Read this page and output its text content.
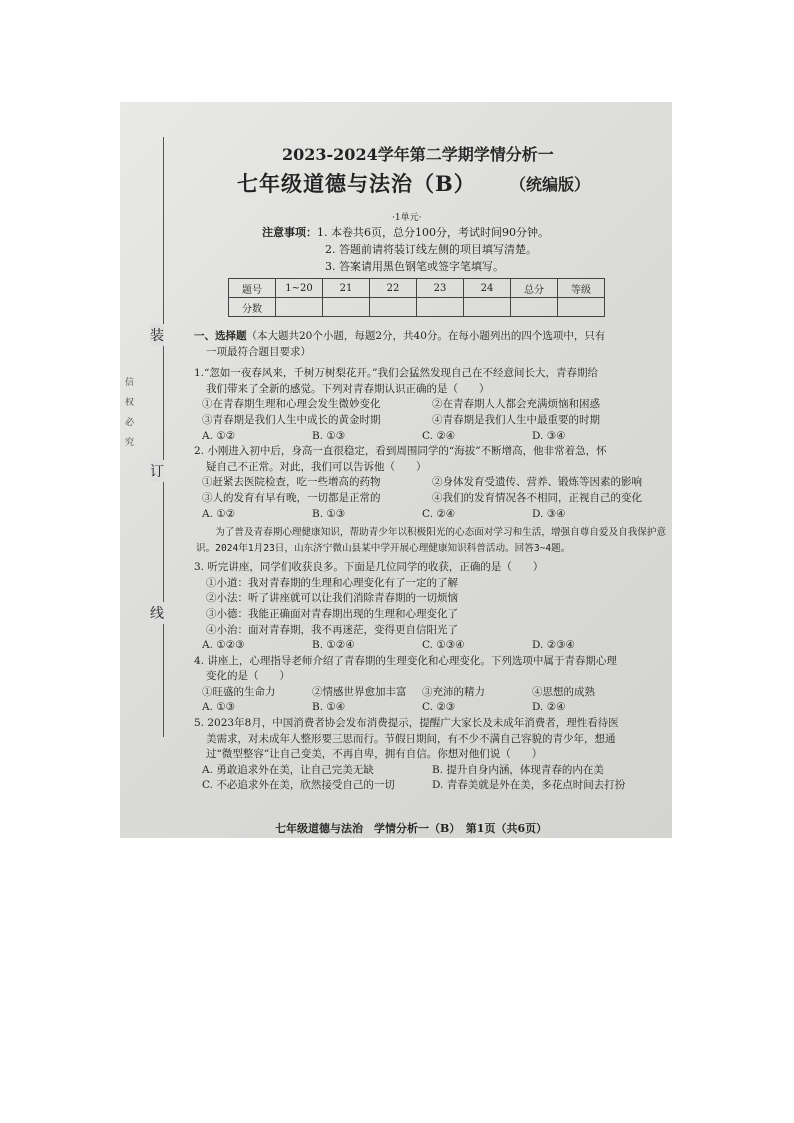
装
订
线
信　权　必　究
2023-2024学年第二学期学情分析一
七年级道德与法治（B） （统编版）
·1单元·
注意事项：1. 本卷共6页，总分100分，考试时间90分钟。
2. 答题前请将装订线左侧的项目填写清楚。
3. 答案请用黑色钢笔或签字笔填写。
题号	1~20	21	22	23	24	总分	等级
分数							

一、选择题（本大题共20个小题，每题2分，共40分。在每小题列出的四个选项中，只有

一项最符合题目要求）

1.“忽如一夜春风来，千树万树梨花开。”我们会猛然发现自己在不经意间长大，青春期给

我们带来了全新的感觉。下列对青春期认识正确的是（　　）

①在青春期生理和心理会发生微妙变化	②在青春期人人都会充满烦恼和困惑
③青春期是我们人生中成长的黄金时期	④青春期是我们人生中最重要的时期
A. ①②	B. ①③	C. ②④	D. ③④

2. 小刚进入初中后，身高一直很稳定，看到周围同学的“海拔”不断增高，他非常着急，怀

疑自己不正常。对此，我们可以告诉他（　　）

①赶紧去医院检查，吃一些增高的药物	②身体发育受遗传、营养、锻炼等因素的影响
③人的发育有早有晚，一切都是正常的	④我们的发育情况各不相同，正视自己的变化
A. ①②	B. ①③	C. ②④	D. ③④

为了普及青春期心理健康知识，帮助青少年以积极阳光的心态面对学习和生活，增强自尊自爱及自我保护意识。2024年1月23日，山东济宁微山县某中学开展心理健康知识科普活动。回答3~4题。

3. 听完讲座，同学们收获良多。下面是几位同学的收获，正确的是（　　）

①小道：我对青春期的生理和心理变化有了一定的了解

②小法：听了讲座就可以让我们消除青春期的一切烦恼

③小德：我能正确面对青春期出现的生理和心理变化了

④小治：面对青春期，我不再迷茫，变得更自信阳光了

A. ①②③	B. ①②④	C. ①③④	D. ②③④

4. 讲座上，心理指导老师介绍了青春期的生理变化和心理变化。下列选项中属于青春期心理

变化的是（　　）

①旺盛的生命力	②情感世界愈加丰富	③充沛的精力	④思想的成熟
A. ①③	B. ①④	C. ②③	D. ②④

5. 2023年8月，中国消费者协会发布消费提示，提醒广大家长及未成年消费者，理性看待医

美需求，对未成年人整形要三思而行。节假日期间，有不少不满自己容貌的青少年，想通

过“微型整容”让自己变美，不再自卑，拥有自信。你想对他们说（　　）

A. 勇敢追求外在美，让自己完美无缺	B. 提升自身内涵，体现青春的内在美
C. 不必追求外在美，欣然接受自己的一切	D. 青春美就是外在美，多花点时间去打扮
七年级道德与法治　学情分析一（B）　第1页（共6页）
